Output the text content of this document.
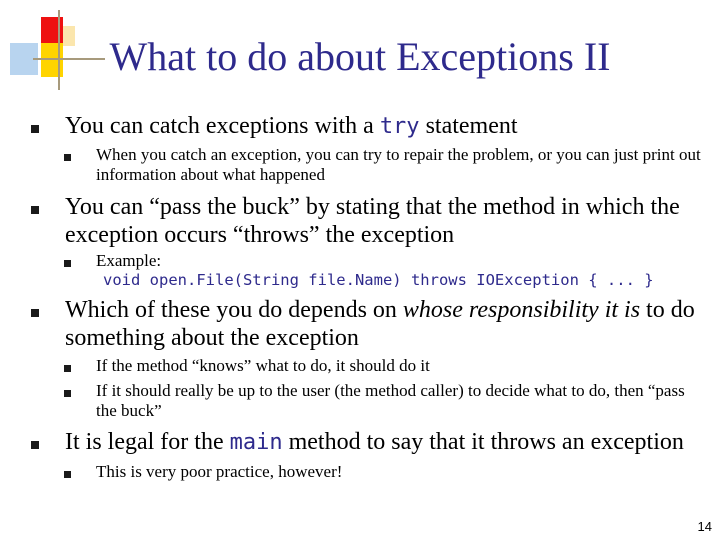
What to do about Exceptions II
You can catch exceptions with a try statement
When you catch an exception, you can try to repair the problem, or you can just print out information about what happened
You can “pass the buck” by stating that the method in which the exception occurs “throws” the exception
Example:
void open.File(String file.Name) throws IOException { ... }
Which of these you do depends on whose responsibility it is to do something about the exception
If the method “knows” what to do, it should do it
If it should really be up to the user (the method caller) to decide what to do, then “pass the buck”
It is legal for the main method to say that it throws an exception
This is very poor practice, however!
14
